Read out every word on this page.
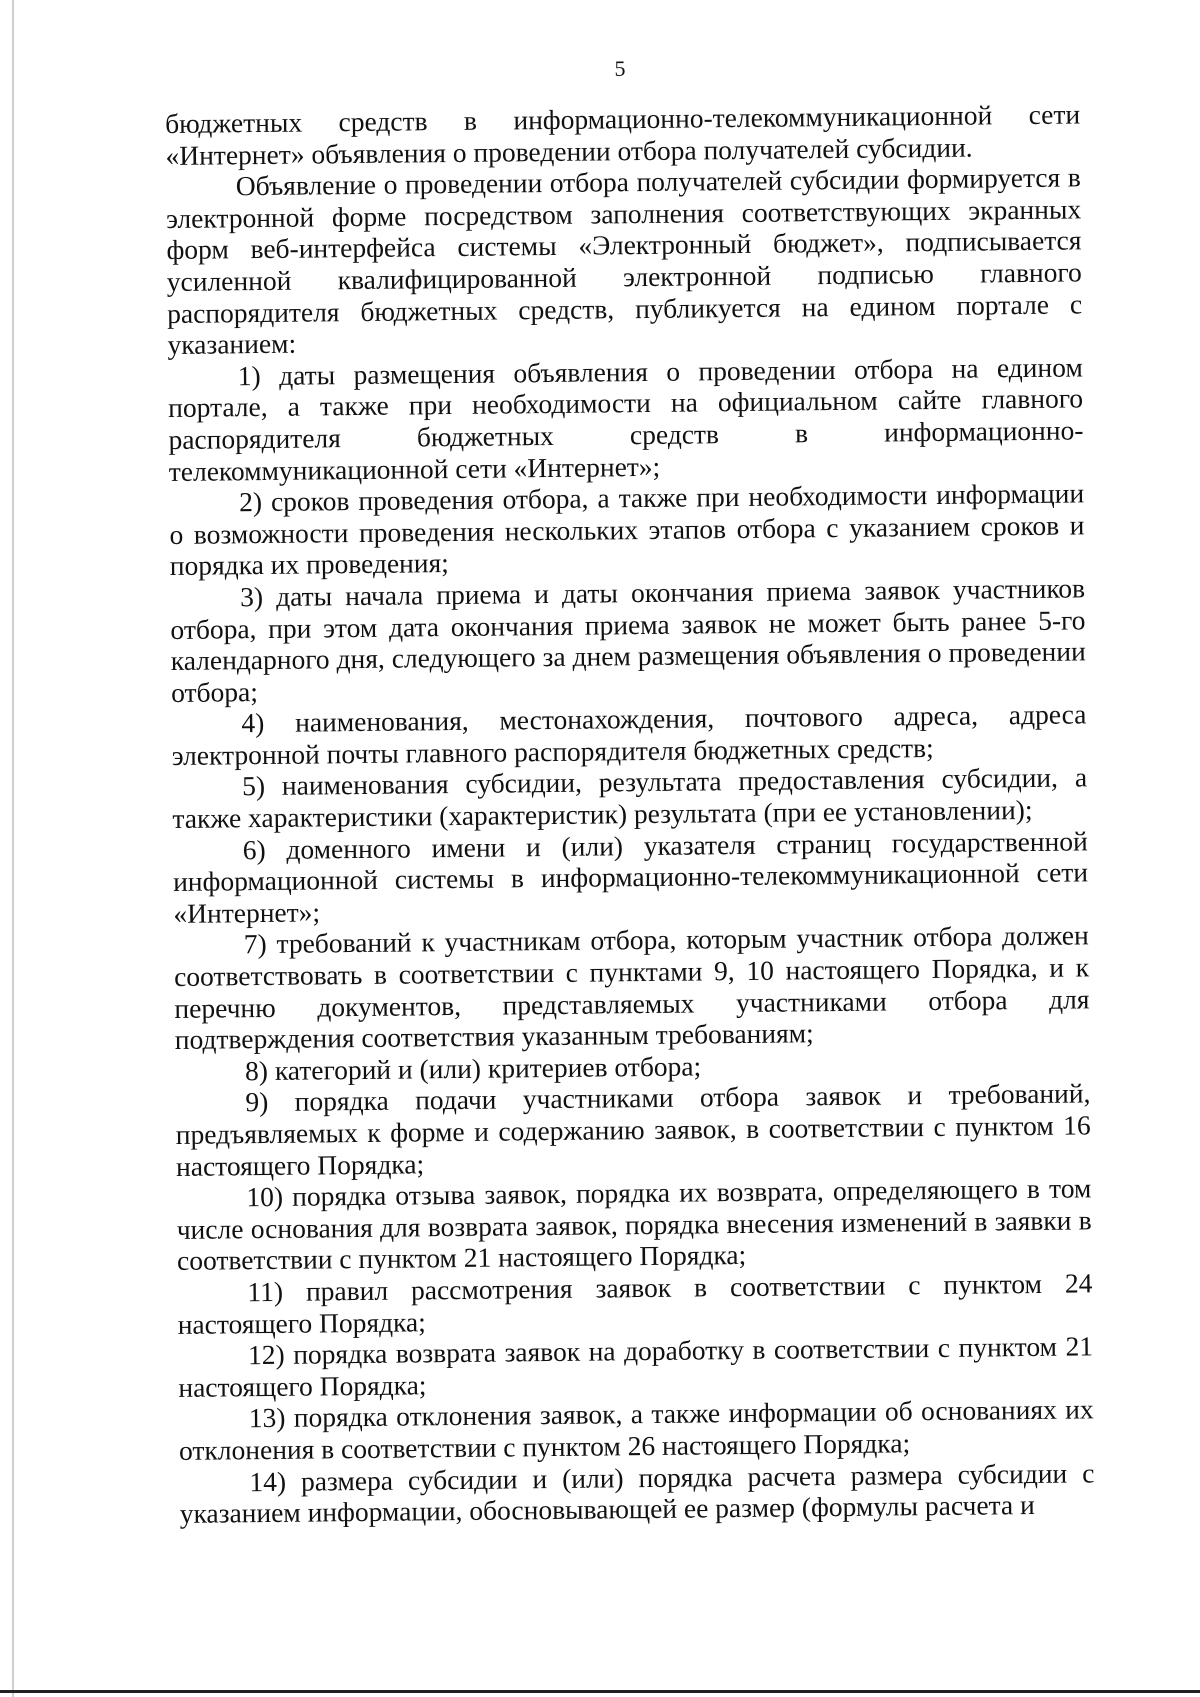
5

бюджетных средств в информационно-телекоммуникационной сети «Интернет» объявления о проведении отбора получателей субсидии.

Объявление о проведении отбора получателей субсидии формируется в электронной форме посредством заполнения соответствующих экранных форм веб-интерфейса системы «Электронный бюджет», подписывается усиленной квалифицированной электронной подписью главного распорядителя бюджетных средств, публикуется на едином портале с указанием:

1) даты размещения объявления о проведении отбора на едином портале, а также при необходимости на официальном сайте главного распорядителя бюджетных средств в информационно-телекоммуникационной сети «Интернет»;

2) сроков проведения отбора, а также при необходимости информации о возможности проведения нескольких этапов отбора с указанием сроков и порядка их проведения;

3) даты начала приема и даты окончания приема заявок участников отбора, при этом дата окончания приема заявок не может быть ранее 5-го календарного дня, следующего за днем размещения объявления о проведении отбора;

4) наименования, местонахождения, почтового адреса, адреса электронной почты главного распорядителя бюджетных средств;

5) наименования субсидии, результата предоставления субсидии, а также характеристики (характеристик) результата (при ее установлении);

6) доменного имени и (или) указателя страниц государственной информационной системы в информационно-телекоммуникационной сети «Интернет»;

7) требований к участникам отбора, которым участник отбора должен соответствовать в соответствии с пунктами 9, 10 настоящего Порядка, и к перечню документов, представляемых участниками отбора для подтверждения соответствия указанным требованиям;

8) категорий и (или) критериев отбора;

9) порядка подачи участниками отбора заявок и требований, предъявляемых к форме и содержанию заявок, в соответствии с пунктом 16 настоящего Порядка;

10) порядка отзыва заявок, порядка их возврата, определяющего в том числе основания для возврата заявок, порядка внесения изменений в заявки в соответствии с пунктом 21 настоящего Порядка;

11) правил рассмотрения заявок в соответствии с пунктом 24 настоящего Порядка;

12) порядка возврата заявок на доработку в соответствии с пунктом 21 настоящего Порядка;

13) порядка отклонения заявок, а также информации об основаниях их отклонения в соответствии с пунктом 26 настоящего Порядка;

14) размера субсидии и (или) порядка расчета размера субсидии с указанием информации, обосновывающей ее размер (формулы расчета и
